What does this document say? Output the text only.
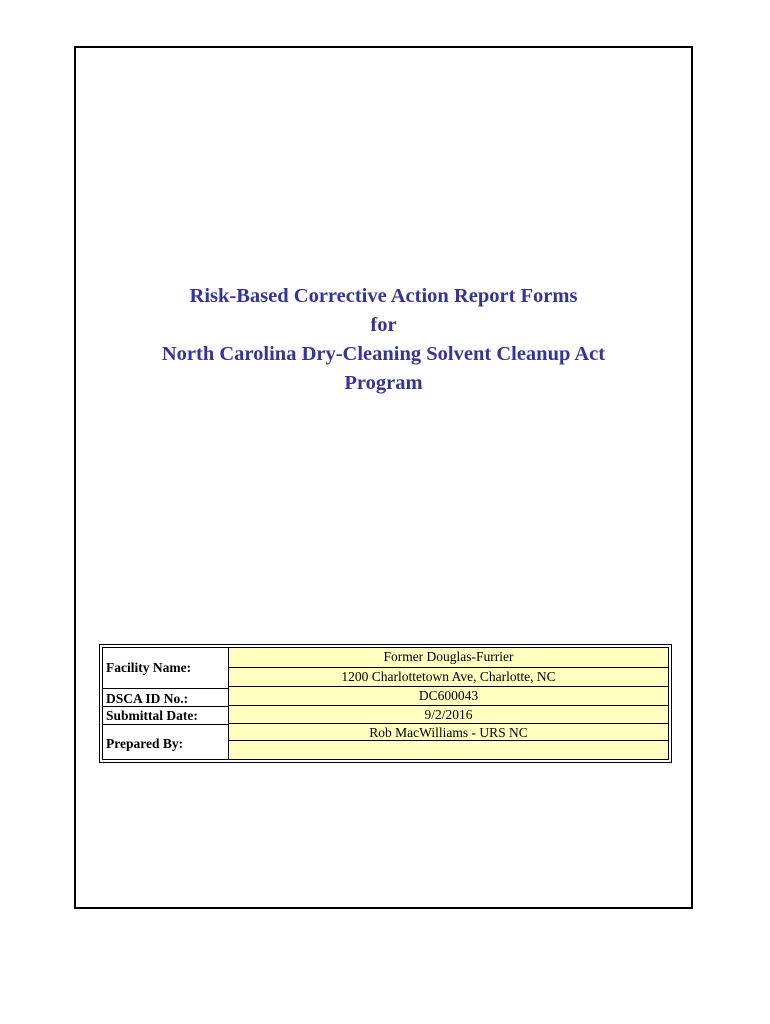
Risk-Based Corrective Action Report Forms
for
North Carolina Dry-Cleaning Solvent Cleanup Act
Program
Facility Name:
DSCA ID No.:
Submittal Date:
Prepared By:
Former Douglas-Furrier
1200 Charlottetown Ave, Charlotte, NC
DC600043
9/2/2016
Rob MacWilliams - URS NC
